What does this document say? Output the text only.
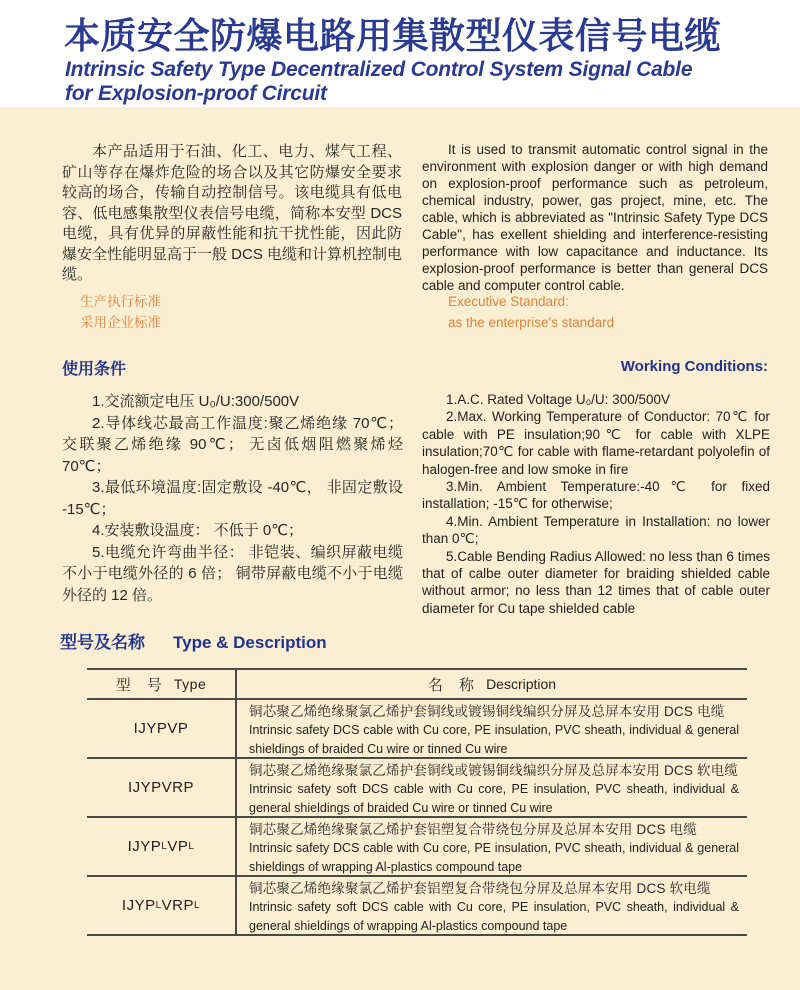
本质安全防爆电路用集散型仪表信号电缆
Intrinsic Safety Type Decentralized Control System Signal Cable
for Explosion-proof Circuit

本产品适用于石油、化工、电力、煤气工程、矿山等存在爆炸危险的场合以及其它防爆安全要求较高的场合，传输自动控制信号。该电缆具有低电容、低电感集散型仪表信号电缆，简称本安型 DCS 电缆，具有优异的屏蔽性能和抗干扰性能，因此防爆安全性能明显高于一般 DCS 电缆和计算机控制电缆。

It is used to transmit automatic control signal in the environment with explosion danger or with high demand on explosion-proof performance such as petroleum, chemical industry, power, gas project, mine, etc. The cable, which is abbreviated as "Intrinsic Safety Type DCS Cable", has exellent shielding and interference-resisting performance with low capacitance and inductance. Its explosion-proof performance is better than general DCS cable and computer control cable.

生产执行标准
采用企业标准
Executive Standard:
as the enterprise's standard
使用条件	Working Conditions:
1.交流额定电压 U₀/U:300/500V
2.导体线芯最高工作温度:聚乙烯绝缘 70℃； 交联聚乙烯绝缘 90℃； 无卤低烟阻燃聚烯烃 70℃；
3.最低环境温度:固定敷设 -40℃， 非固定敷设 -15℃；
4.安装敷设温度： 不低于 0℃；
5.电缆允许弯曲半径： 非铠装、编织屏蔽电缆不小于电缆外径的 6 倍； 铜带屏蔽电缆不小于电缆外径的 12 倍。
1.A.C. Rated Voltage U₀/U: 300/500V
2.Max. Working Temperature of Conductor: 70℃ for cable with PE insulation;90℃ for cable with XLPE insulation;70℃ for cable with flame-retardant polyolefin of halogen-free and low smoke in fire
3.Min. Ambient Temperature:-40℃ for fixed installation; -15℃ for otherwise;
4.Min. Ambient Temperature in Installation: no lower than 0℃;
5.Cable Bending Radius Allowed: no less than 6 times that of calbe outer diameter for braiding shielded cable without armor; no less than 12 times that of cable outer diameter for Cu tape shielded cable
型号及名称 Type & Description
型 号 Type	名 称 Description
IJYPVP
铜芯聚乙烯绝缘聚氯乙烯护套铜线或镀锡铜线编织分屏及总屏本安用 DCS 电缆
Intrinsic safety DCS cable with Cu core, PE insulation, PVC sheath, individual & general shieldings of braided Cu wire or tinned Cu wire
IJYPVRP
铜芯聚乙烯绝缘聚氯乙烯护套铜线或镀锡铜线编织分屏及总屏本安用 DCS 软电缆
Intrinsic safety soft DCS cable with Cu core, PE insulation, PVC sheath, individual & general shieldings of braided Cu wire or tinned Cu wire
IJYP L VP L
铜芯聚乙烯绝缘聚氯乙烯护套铝塑复合带绕包分屏及总屏本安用 DCS 电缆
Intrinsic safety DCS cable with Cu core, PE insulation, PVC sheath, individual & general shieldings of wrapping Al-plastics compound tape
IJYP L VRP L
铜芯聚乙烯绝缘聚氯乙烯护套铝塑复合带绕包分屏及总屏本安用 DCS 软电缆
Intrinsic safety soft DCS cable with Cu core, PE insulation, PVC sheath, individual & general shieldings of wrapping Al-plastics compound tape
